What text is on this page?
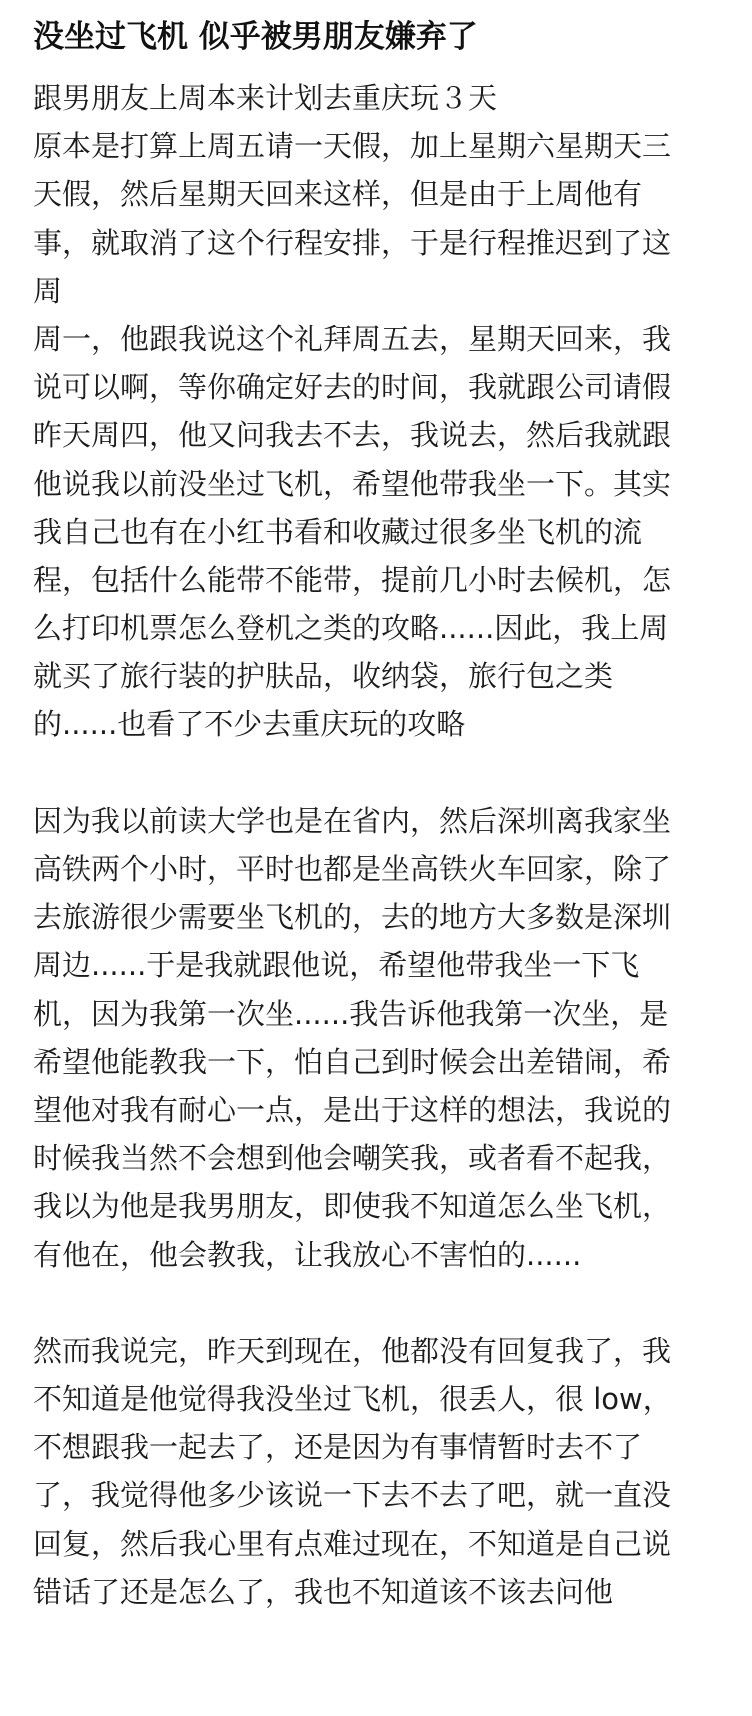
没坐过飞机 似乎被男朋友嫌弃了
跟男朋友上周本来计划去重庆玩３天
原本是打算上周五请一天假，加上星期六星期天三
天假，然后星期天回来这样，但是由于上周他有
事，就取消了这个行程安排，于是行程推迟到了这
周
周一，他跟我说这个礼拜周五去，星期天回来，我
说可以啊，等你确定好去的时间，我就跟公司请假
昨天周四，他又问我去不去，我说去，然后我就跟
他说我以前没坐过飞机，希望他带我坐一下。其实
我自己也有在小红书看和收藏过很多坐飞机的流
程，包括什么能带不能带，提前几小时去候机，怎
么打印机票怎么登机之类的攻略......因此，我上周
就买了旅行装的护肤品，收纳袋，旅行包之类
的......也看了不少去重庆玩的攻略
因为我以前读大学也是在省内，然后深圳离我家坐
高铁两个小时，平时也都是坐高铁火车回家，除了
去旅游很少需要坐飞机的，去的地方大多数是深圳
周边......于是我就跟他说，希望他带我坐一下飞
机，因为我第一次坐......我告诉他我第一次坐，是
希望他能教我一下，怕自己到时候会出差错闹，希
望他对我有耐心一点，是出于这样的想法，我说的
时候我当然不会想到他会嘲笑我，或者看不起我，
我以为他是我男朋友，即使我不知道怎么坐飞机，
有他在，他会教我，让我放心不害怕的......
然而我说完，昨天到现在，他都没有回复我了，我
不知道是他觉得我没坐过飞机，很丢人，很 low，
不想跟我一起去了，还是因为有事情暂时去不了
了，我觉得他多少该说一下去不去了吧，就一直没
回复，然后我心里有点难过现在，不知道是自己说
错话了还是怎么了，我也不知道该不该去问他
